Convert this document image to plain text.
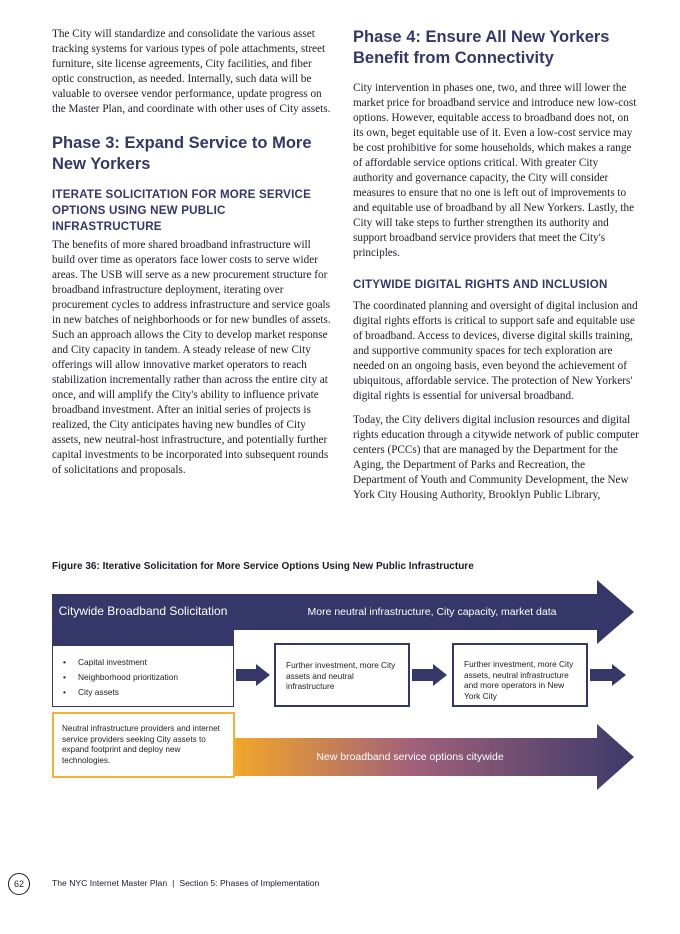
The City will standardize and consolidate the various asset tracking systems for various types of pole attachments, street furniture, site license agreements, City facilities, and fiber optic construction, as needed. Internally, such data will be valuable to oversee vendor performance, update progress on the Master Plan, and coordinate with other uses of City assets.

Phase 3: Expand Service to More New Yorkers
ITERATE SOLICITATION FOR MORE SERVICE OPTIONS USING NEW PUBLIC INFRASTRUCTURE

The benefits of more shared broadband infrastructure will build over time as operators face lower costs to serve wider areas. The USB will serve as a new procurement structure for broadband infrastructure deployment, iterating over procurement cycles to address infrastructure and service goals in new batches of neighborhoods or for new bundles of assets. Such an approach allows the City to develop market response and City capacity in tandem. A steady release of new City offerings will allow innovative market operators to reach stabilization incrementally rather than across the entire city at once, and will amplify the City's ability to influence private broadband investment. After an initial series of projects is realized, the City anticipates having new bundles of City assets, new neutral-host infrastructure, and potentially further capital investments to be incorporated into subsequent rounds of solicitations and proposals.

Phase 4: Ensure All New Yorkers Benefit from Connectivity

City intervention in phases one, two, and three will lower the market price for broadband service and introduce new low-cost options. However, equitable access to broadband does not, on its own, beget equitable use of it. Even a low-cost service may be cost prohibitive for some households, which makes a range of affordable service options critical. With greater City authority and governance capacity, the City will consider measures to ensure that no one is left out of improvements to and equitable use of broadband by all New Yorkers. Lastly, the City will take steps to further strengthen its authority and support broadband service providers that meet the City's principles.

CITYWIDE DIGITAL RIGHTS AND INCLUSION

The coordinated planning and oversight of digital inclusion and digital rights efforts is critical to support safe and equitable use of broadband. Access to devices, diverse digital skills training, and supportive community spaces for tech exploration are needed on an ongoing basis, even beyond the achievement of ubiquitous, affordable service. The protection of New Yorkers' digital rights is essential for universal broadband.

Today, the City delivers digital inclusion resources and digital rights education through a citywide network of public computer centers (PCCs) that are managed by the Department for the Aging, the Department of Parks and Recreation, the Department of Youth and Community Development, the New York City Housing Authority, Brooklyn Public Library,

Figure 36: Iterative Solicitation for More Service Options Using New Public Infrastructure
Citywide Broadband Solicitation	More neutral infrastructure, City capacity, market data
• Capital investment
• Neighborhood prioritization
• City assets
Further investment, more City assets and neutral infrastructure
Further investment, more City assets, neutral infrastructure and more operators in New York City
Neutral infrastructure providers and internet service providers seeking City assets to expand footprint and deploy new technologies.	New broadband service options citywide
62	The NYC Internet Master Plan | Section 5: Phases of Implementation
